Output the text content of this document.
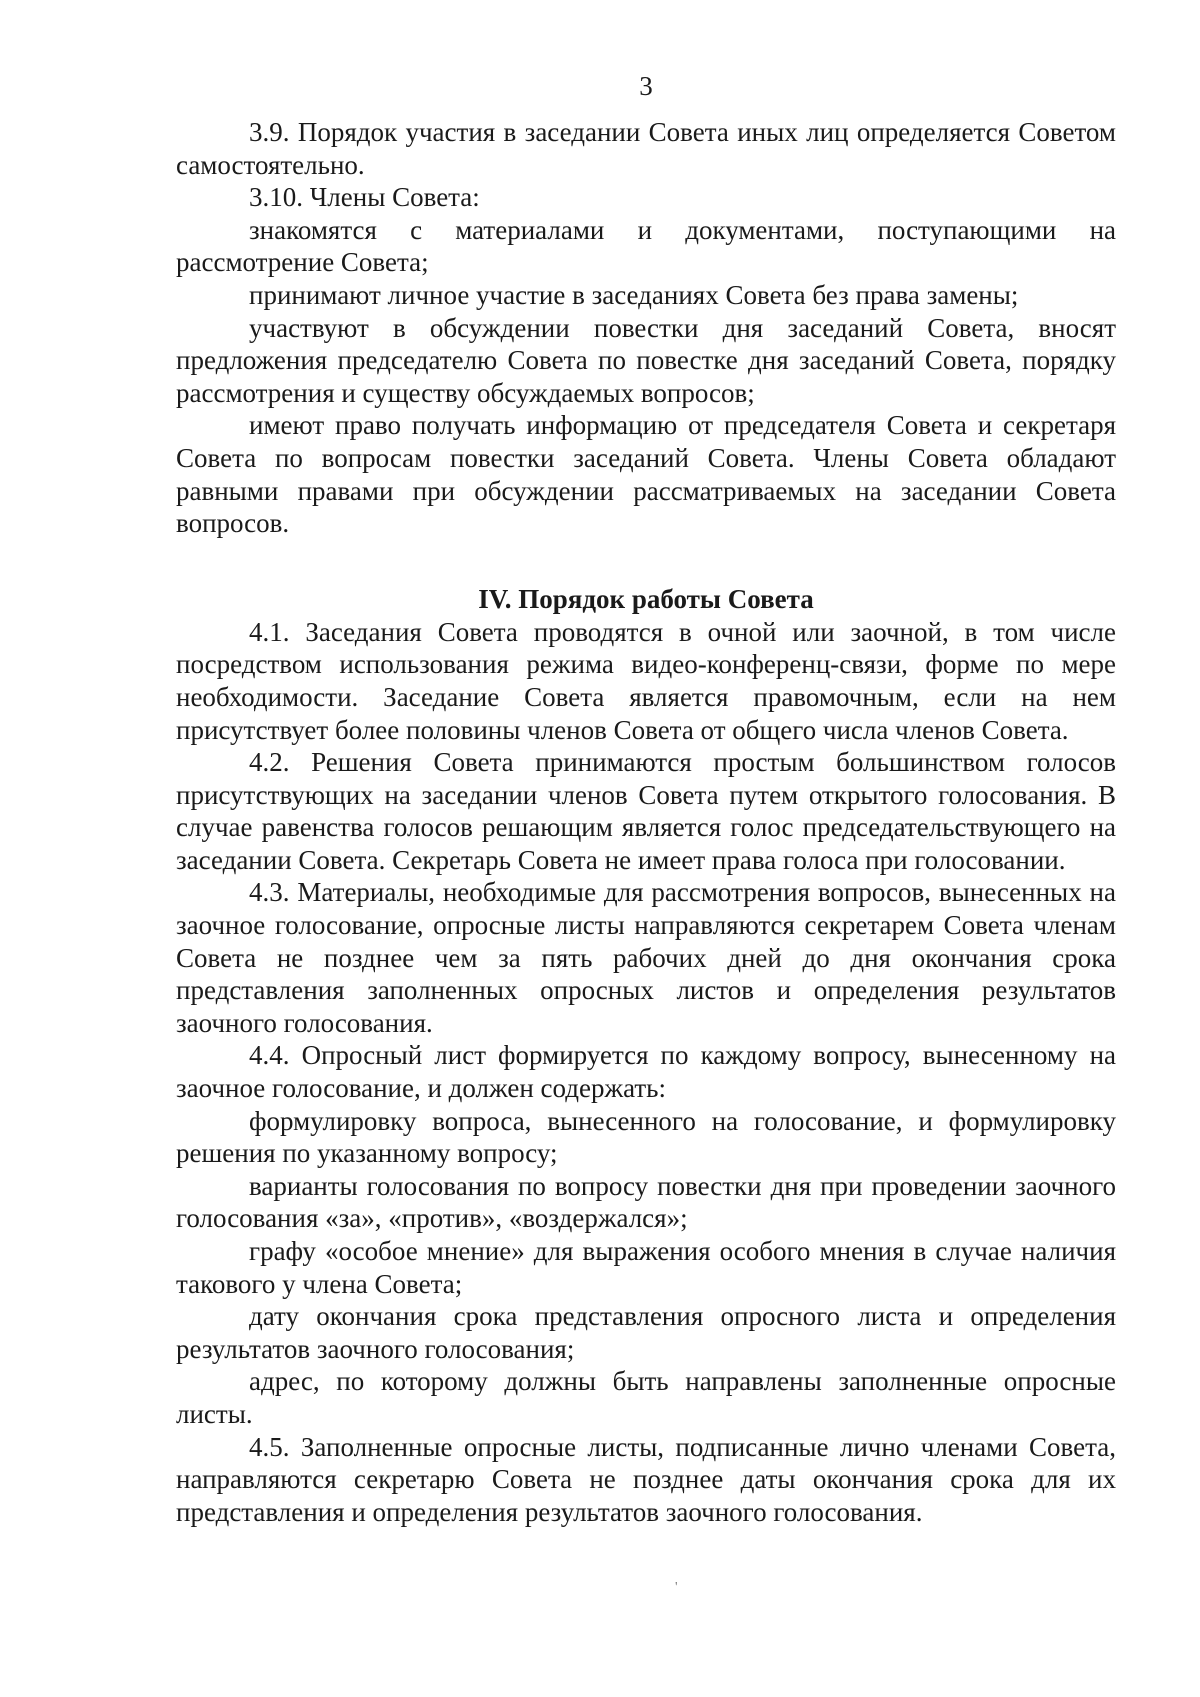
3

3.9. Порядок участия в заседании Совета иных лиц определяется Советом самостоятельно.

3.10. Члены Совета:

знакомятся с материалами и документами, поступающими на рассмотрение Совета;

принимают личное участие в заседаниях Совета без права замены;

участвуют в обсуждении повестки дня заседаний Совета, вносят предложения председателю Совета по повестке дня заседаний Совета, порядку рассмотрения и существу обсуждаемых вопросов;

имеют право получать информацию от председателя Совета и секретаря Совета по вопросам повестки заседаний Совета. Члены Совета обладают равными правами при обсуждении рассматриваемых на заседании Совета вопросов.

IV. Порядок работы Совета

4.1. Заседания Совета проводятся в очной или заочной, в том числе посредством использования режима видео-конференц-связи, форме по мере необходимости. Заседание Совета является правомочным, если на нем присутствует более половины членов Совета от общего числа членов Совета.

4.2. Решения Совета принимаются простым большинством голосов присутствующих на заседании членов Совета путем открытого голосования. В случае равенства голосов решающим является голос председательствующего на заседании Совета. Секретарь Совета не имеет права голоса при голосовании.

4.3. Материалы, необходимые для рассмотрения вопросов, вынесенных на заочное голосование, опросные листы направляются секретарем Совета членам Совета не позднее чем за пять рабочих дней до дня окончания срока представления заполненных опросных листов и определения результатов заочного голосования.

4.4. Опросный лист формируется по каждому вопросу, вынесенному на заочное голосование, и должен содержать:

формулировку вопроса, вынесенного на голосование, и формулировку решения по указанному вопросу;

варианты голосования по вопросу повестки дня при проведении заочного голосования «за», «против», «воздержался»;

графу «особое мнение» для выражения особого мнения в случае наличия такового у члена Совета;

дату окончания срока представления опросного листа и определения результатов заочного голосования;

адрес, по которому должны быть направлены заполненные опросные листы.

4.5. Заполненные опросные листы, подписанные лично членами Совета, направляются секретарю Совета не позднее даты окончания срока для их представления и определения результатов заочного голосования.

'
